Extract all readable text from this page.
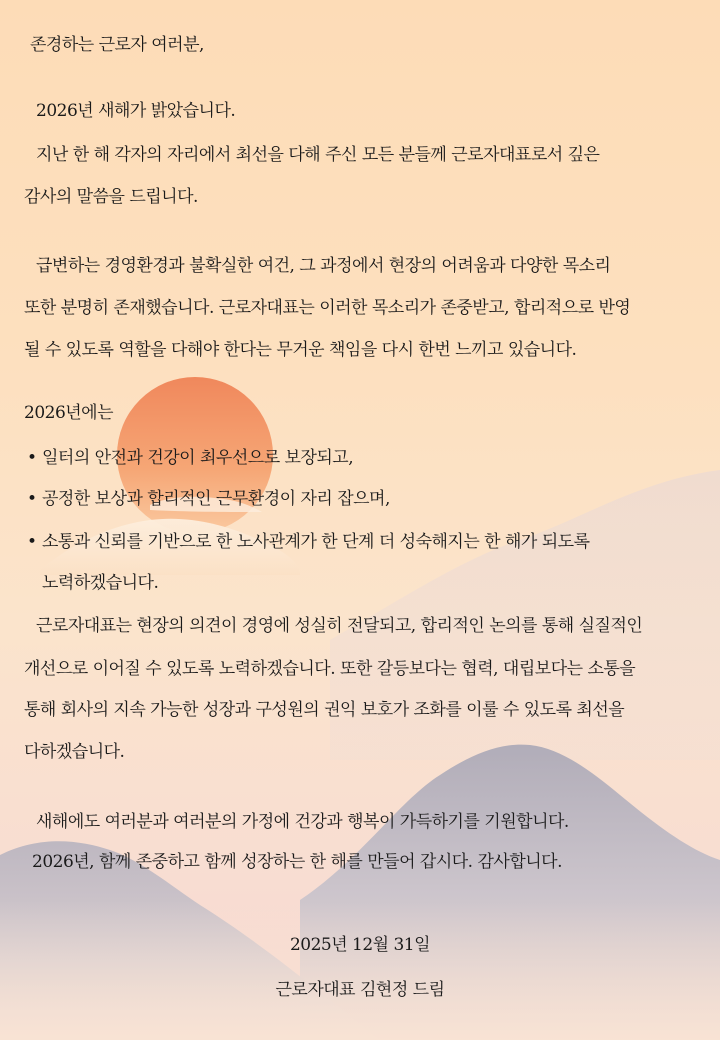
존경하는 근로자 여러분,
2026년 새해가 밝았습니다.
지난 한 해 각자의 자리에서 최선을 다해 주신 모든 분들께 근로자대표로서 깊은
감사의 말씀을 드립니다.
급변하는 경영환경과 불확실한 여건, 그 과정에서 현장의 어려움과 다양한 목소리
또한 분명히 존재했습니다. 근로자대표는 이러한 목소리가 존중받고, 합리적으로 반영
될 수 있도록 역할을 다해야 한다는 무거운 책임을 다시 한번 느끼고 있습니다.
2026년에는
• 일터의 안전과 건강이 최우선으로 보장되고,
• 공정한 보상과 합리적인 근무환경이 자리 잡으며,
• 소통과 신뢰를 기반으로 한 노사관계가 한 단계 더 성숙해지는 한 해가 되도록
노력하겠습니다.
근로자대표는 현장의 의견이 경영에 성실히 전달되고, 합리적인 논의를 통해 실질적인
개선으로 이어질 수 있도록 노력하겠습니다. 또한 갈등보다는 협력, 대립보다는 소통을
통해 회사의 지속 가능한 성장과 구성원의 권익 보호가 조화를 이룰 수 있도록 최선을
다하겠습니다.
새해에도 여러분과 여러분의 가정에 건강과 행복이 가득하기를 기원합니다.
2026년, 함께 존중하고 함께 성장하는 한 해를 만들어 갑시다. 감사합니다.
2025년 12월 31일
근로자대표 김현정 드림
